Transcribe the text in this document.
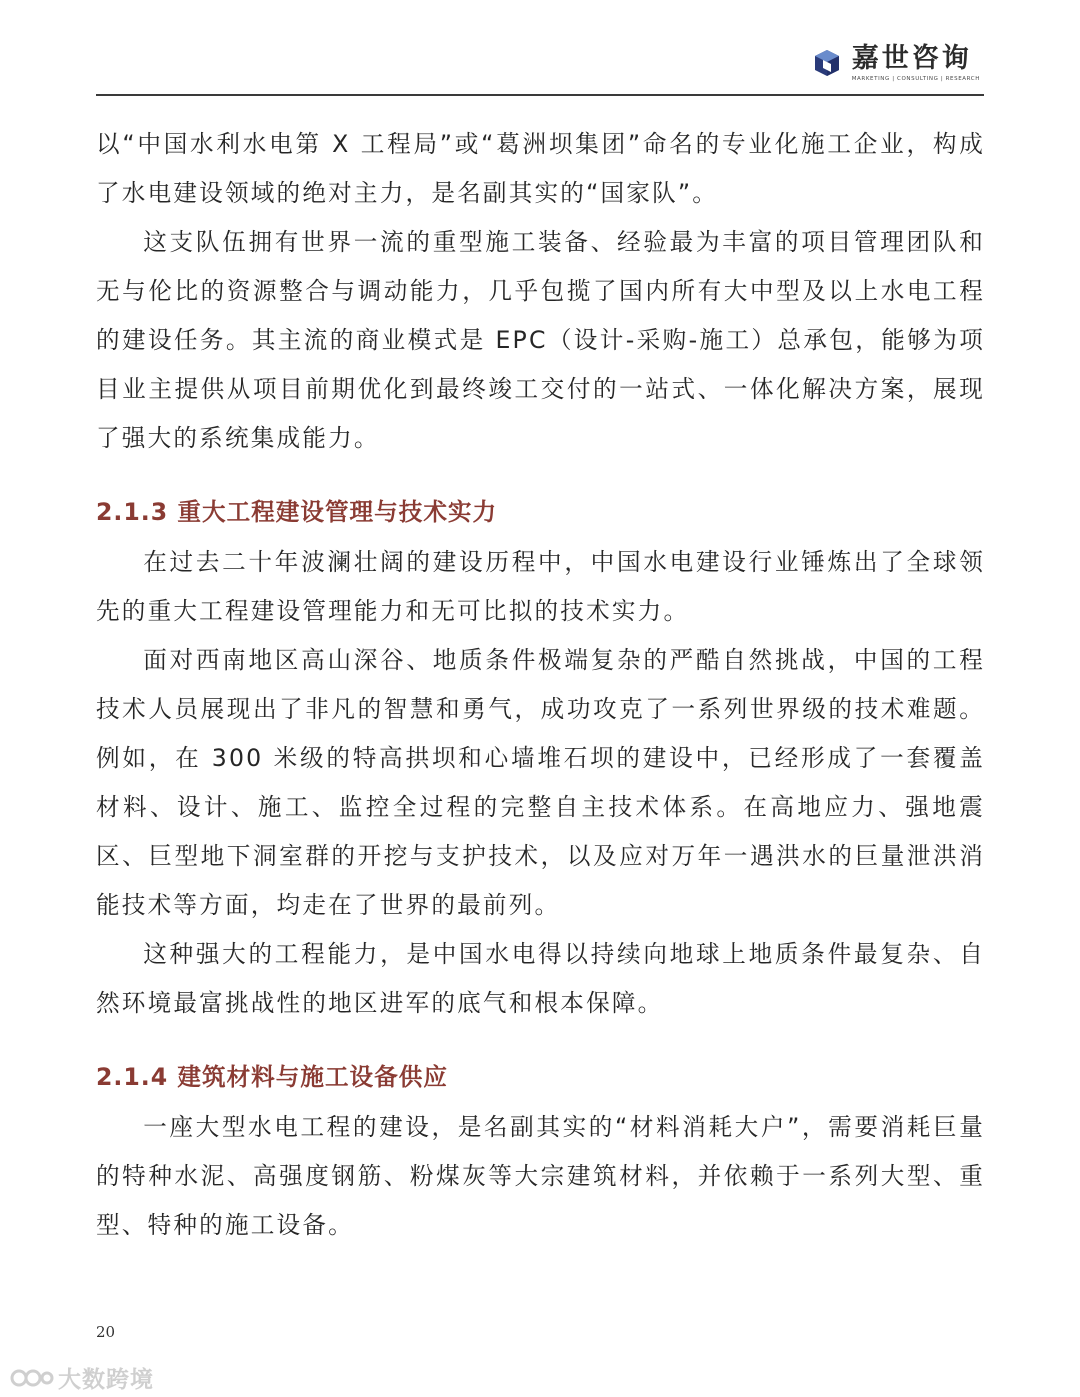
嘉世咨询
MARKETING | CONSULTING | RESEARCH

以“中国水利水电第 X 工程局”或“葛洲坝集团”命名的专业化施工企业，构成了水电建设领域的绝对主力，是名副其实的“国家队”。

这支队伍拥有世界一流的重型施工装备、经验最为丰富的项目管理团队和无与伦比的资源整合与调动能力，几乎包揽了国内所有大中型及以上水电工程的建设任务。其主流的商业模式是 EPC（设计-采购-施工）总承包，能够为项目业主提供从项目前期优化到最终竣工交付的一站式、一体化解决方案，展现了强大的系统集成能力。

2.1.3 重大工程建设管理与技术实力

在过去二十年波澜壮阔的建设历程中，中国水电建设行业锤炼出了全球领先的重大工程建设管理能力和无可比拟的技术实力。

面对西南地区高山深谷、地质条件极端复杂的严酷自然挑战，中国的工程技术人员展现出了非凡的智慧和勇气，成功攻克了一系列世界级的技术难题。例如，在 300 米级的特高拱坝和心墙堆石坝的建设中，已经形成了一套覆盖材料、设计、施工、监控全过程的完整自主技术体系。在高地应力、强地震区、巨型地下洞室群的开挖与支护技术，以及应对万年一遇洪水的巨量泄洪消能技术等方面，均走在了世界的最前列。

这种强大的工程能力，是中国水电得以持续向地球上地质条件最复杂、自然环境最富挑战性的地区进军的底气和根本保障。

2.1.4 建筑材料与施工设备供应

一座大型水电工程的建设，是名副其实的“材料消耗大户”，需要消耗巨量的特种水泥、高强度钢筋、粉煤灰等大宗建筑材料，并依赖于一系列大型、重型、特种的施工设备。

20
大数跨境
